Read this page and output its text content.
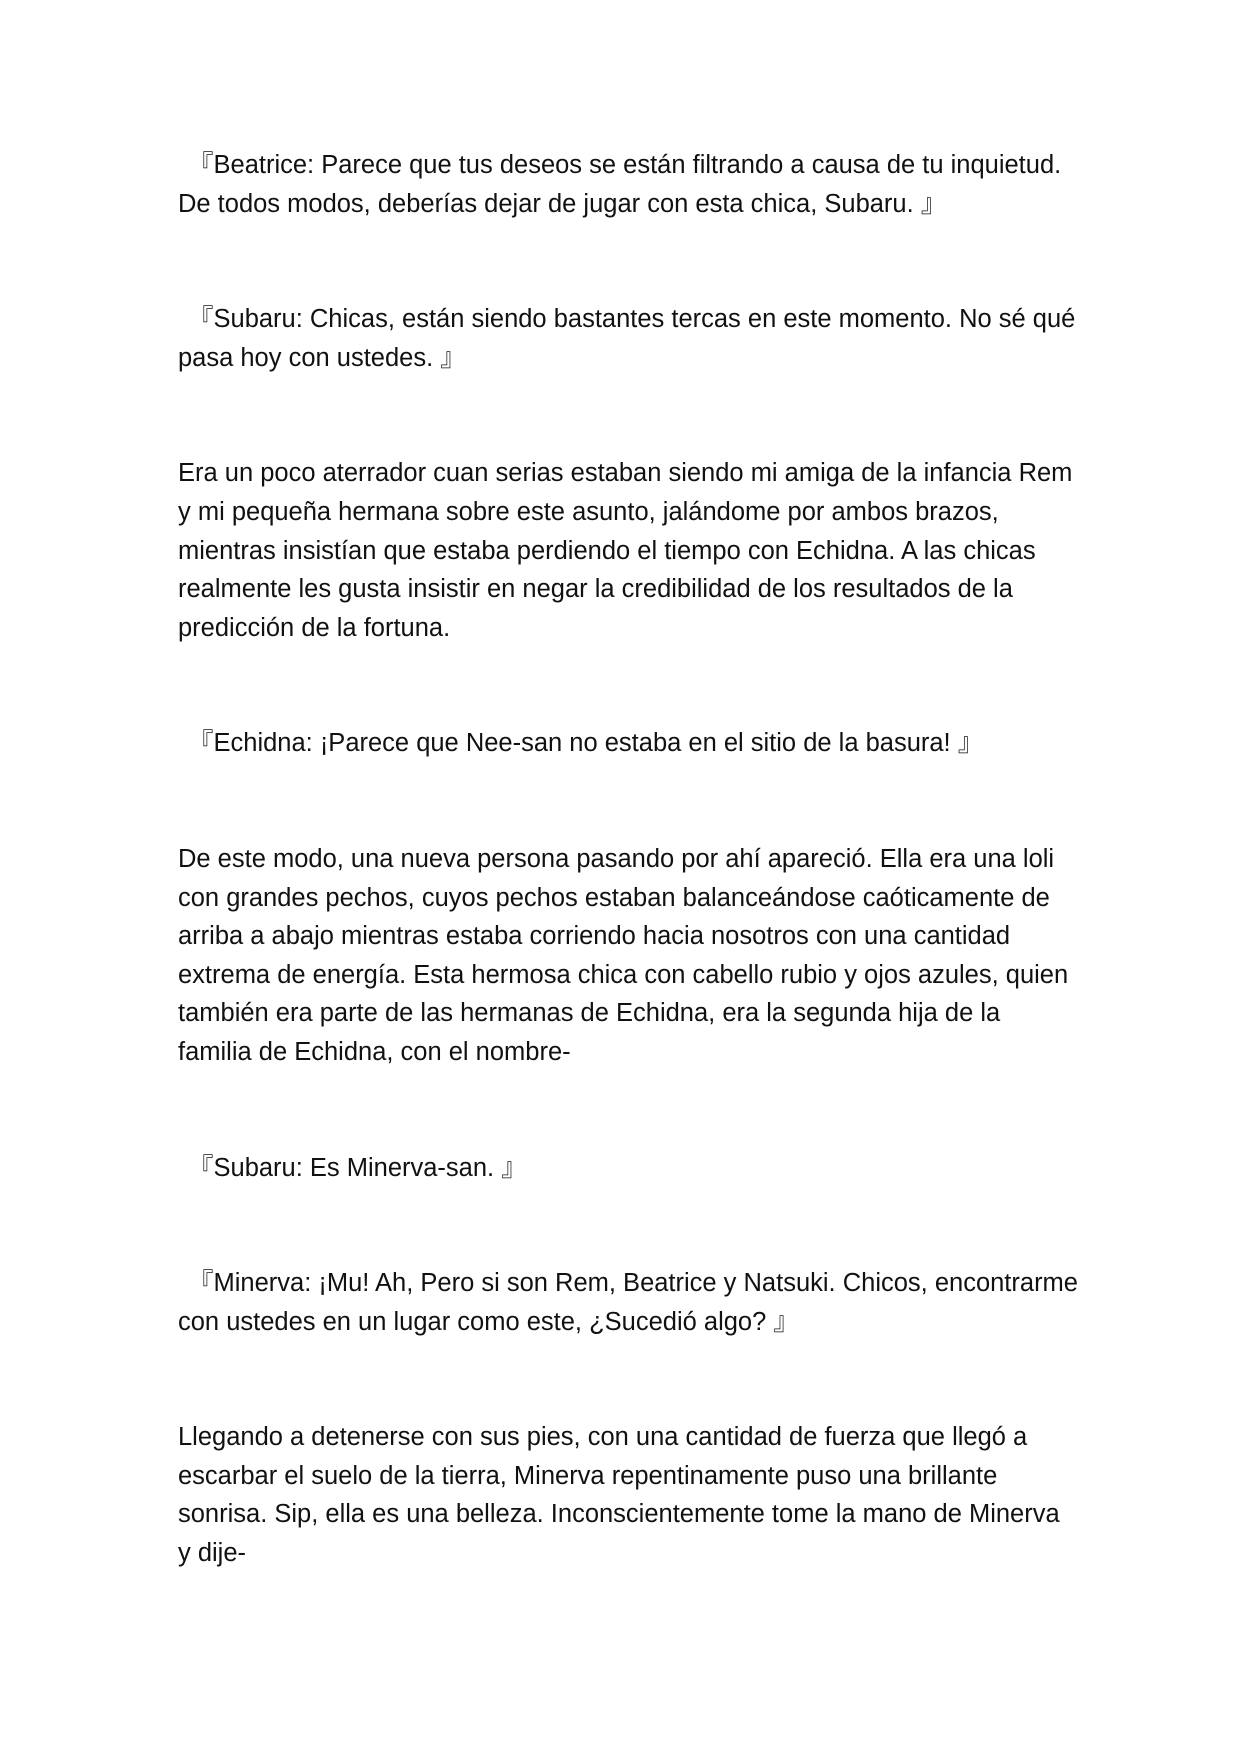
『Beatrice: Parece que tus deseos se están filtrando a causa de tu inquietud. De todos modos, deberías dejar de jugar con esta chica, Subaru. 』

『Subaru: Chicas, están siendo bastantes tercas en este momento. No sé qué pasa hoy con ustedes. 』

Era un poco aterrador cuan serias estaban siendo mi amiga de la infancia Rem y mi pequeña hermana sobre este asunto, jalándome por ambos brazos, mientras insistían que estaba perdiendo el tiempo con Echidna. A las chicas realmente les gusta insistir en negar la credibilidad de los resultados de la predicción de la fortuna.

『Echidna: ¡Parece que Nee-san no estaba en el sitio de la basura! 』

De este modo, una nueva persona pasando por ahí apareció. Ella era una loli con grandes pechos, cuyos pechos estaban balanceándose caóticamente de arriba a abajo mientras estaba corriendo hacia nosotros con una cantidad extrema de energía. Esta hermosa chica con cabello rubio y ojos azules, quien también era parte de las hermanas de Echidna, era la segunda hija de la familia de Echidna, con el nombre-

『Subaru: Es Minerva-san. 』

『Minerva: ¡Mu! Ah, Pero si son Rem, Beatrice y Natsuki. Chicos, encontrarme con ustedes en un lugar como este, ¿Sucedió algo? 』

Llegando a detenerse con sus pies, con una cantidad de fuerza que llegó a escarbar el suelo de la tierra, Minerva repentinamente puso una brillante sonrisa. Sip, ella es una belleza. Inconscientemente tome la mano de Minerva y dije-
